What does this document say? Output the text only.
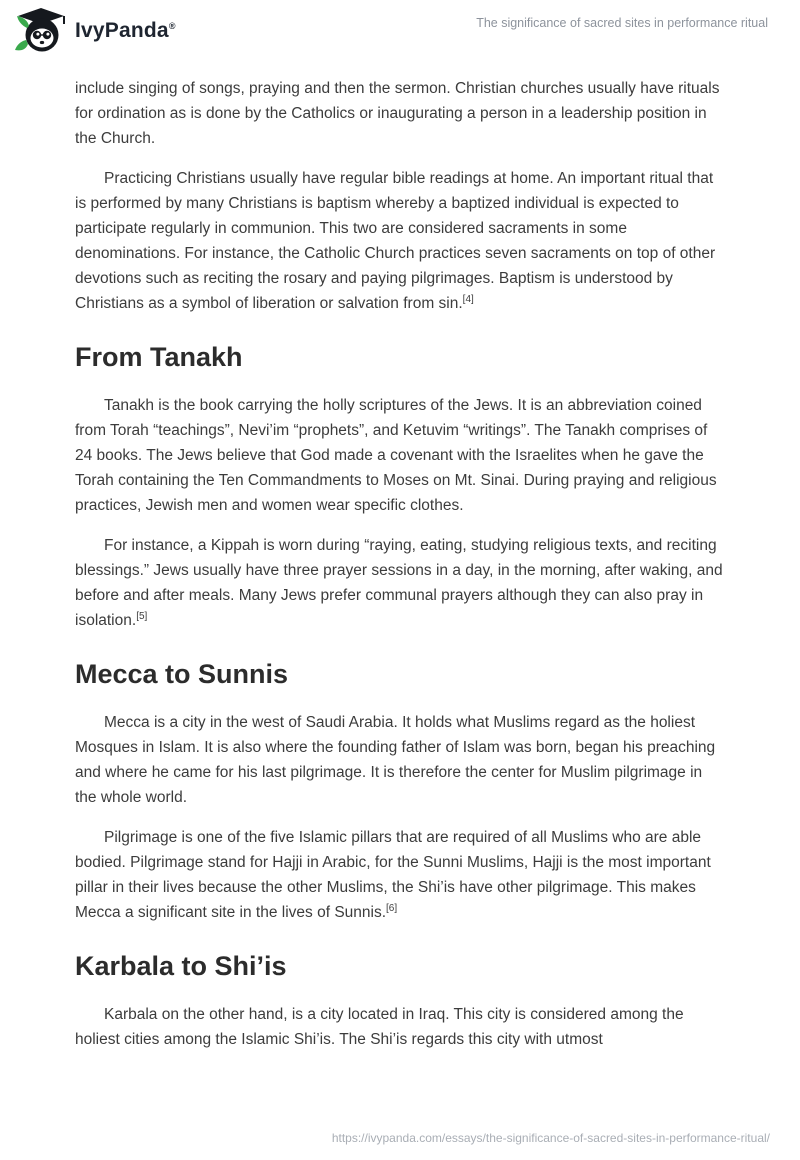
IvyPanda®	The significance of sacred sites in performance ritual

include singing of songs, praying and then the sermon. Christian churches usually have rituals for ordination as is done by the Catholics or inaugurating a person in a leadership position in the Church.

Practicing Christians usually have regular bible readings at home. An important ritual that is performed by many Christians is baptism whereby a baptized individual is expected to participate regularly in communion. This two are considered sacraments in some denominations. For instance, the Catholic Church practices seven sacraments on top of other devotions such as reciting the rosary and paying pilgrimages. Baptism is understood by Christians as a symbol of liberation or salvation from sin.[4]

From Tanakh

Tanakh is the book carrying the holly scriptures of the Jews. It is an abbreviation coined from Torah “teachings”, Nevi’im “prophets”, and Ketuvim “writings”. The Tanakh comprises of 24 books. The Jews believe that God made a covenant with the Israelites when he gave the Torah containing the Ten Commandments to Moses on Mt. Sinai. During praying and religious practices, Jewish men and women wear specific clothes.

For instance, a Kippah is worn during “raying, eating, studying religious texts, and reciting blessings.” Jews usually have three prayer sessions in a day, in the morning, after waking, and before and after meals. Many Jews prefer communal prayers although they can also pray in isolation.[5]

Mecca to Sunnis

Mecca is a city in the west of Saudi Arabia. It holds what Muslims regard as the holiest Mosques in Islam. It is also where the founding father of Islam was born, began his preaching and where he came for his last pilgrimage. It is therefore the center for Muslim pilgrimage in the whole world.

Pilgrimage is one of the five Islamic pillars that are required of all Muslims who are able bodied. Pilgrimage stand for Hajji in Arabic, for the Sunni Muslims, Hajji is the most important pillar in their lives because the other Muslims, the Shi’is have other pilgrimage. This makes Mecca a significant site in the lives of Sunnis.[6]

Karbala to Shi’is

Karbala on the other hand, is a city located in Iraq. This city is considered among the holiest cities among the Islamic Shi’is. The Shi’is regards this city with utmost

https://ivypanda.com/essays/the-significance-of-sacred-sites-in-performance-ritual/
